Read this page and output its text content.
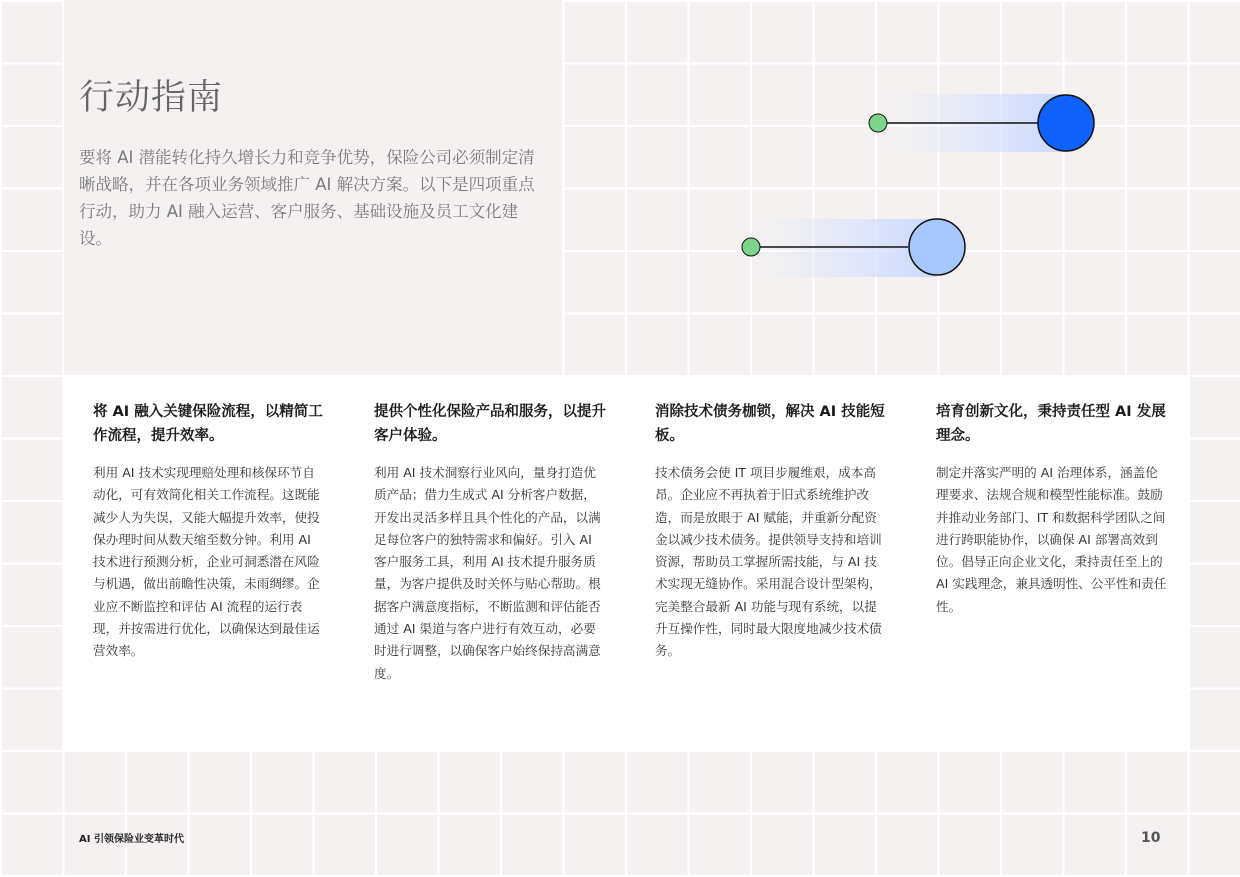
行动指南

要将 AI 潜能转化持久增长力和竞争优势，保险公司必须制定清晰战略，并在各项业务领域推广 AI 解决方案。以下是四项重点行动，助力 AI 融入运营、客户服务、基础设施及员工文化建设。

将 AI 融入关键保险流程，以精简工作流程，提升效率。

利用 AI 技术实现理赔处理和核保环节自动化，可有效简化相关工作流程。这既能减少人为失误，又能大幅提升效率，使投保办理时间从数天缩至数分钟。利用 AI 技术进行预测分析，企业可洞悉潜在风险与机遇，做出前瞻性决策，未雨绸缪。企业应不断监控和评估 AI 流程的运行表现，并按需进行优化，以确保达到最佳运营效率。

提供个性化保险产品和服务，以提升客户体验。

利用 AI 技术洞察行业风向，量身打造优质产品；借力生成式 AI 分析客户数据，开发出灵活多样且具个性化的产品，以满足每位客户的独特需求和偏好。引入 AI 客户服务工具，利用 AI 技术提升服务质量，为客户提供及时关怀与贴心帮助。根据客户满意度指标，不断监测和评估能否通过 AI 渠道与客户进行有效互动，必要时进行调整，以确保客户始终保持高满意度。

消除技术债务枷锁，解决 AI 技能短板。

技术债务会使 IT 项目步履维艰，成本高昂。企业应不再执着于旧式系统维护改造，而是放眼于 AI 赋能，并重新分配资金以减少技术债务。提供领导支持和培训资源，帮助员工掌握所需技能，与 AI 技术实现无缝协作。采用混合设计型架构，完美整合最新 AI 功能与现有系统，以提升互操作性，同时最大限度地减少技术债务。

培育创新文化，秉持责任型 AI 发展理念。

制定并落实严明的 AI 治理体系，涵盖伦理要求、法规合规和模型性能标准。鼓励并推动业务部门、IT 和数据科学团队之间进行跨职能协作，以确保 AI 部署高效到位。倡导正向企业文化，秉持责任至上的 AI 实践理念，兼具透明性、公平性和责任性。

AI 引领保险业变革时代	10
